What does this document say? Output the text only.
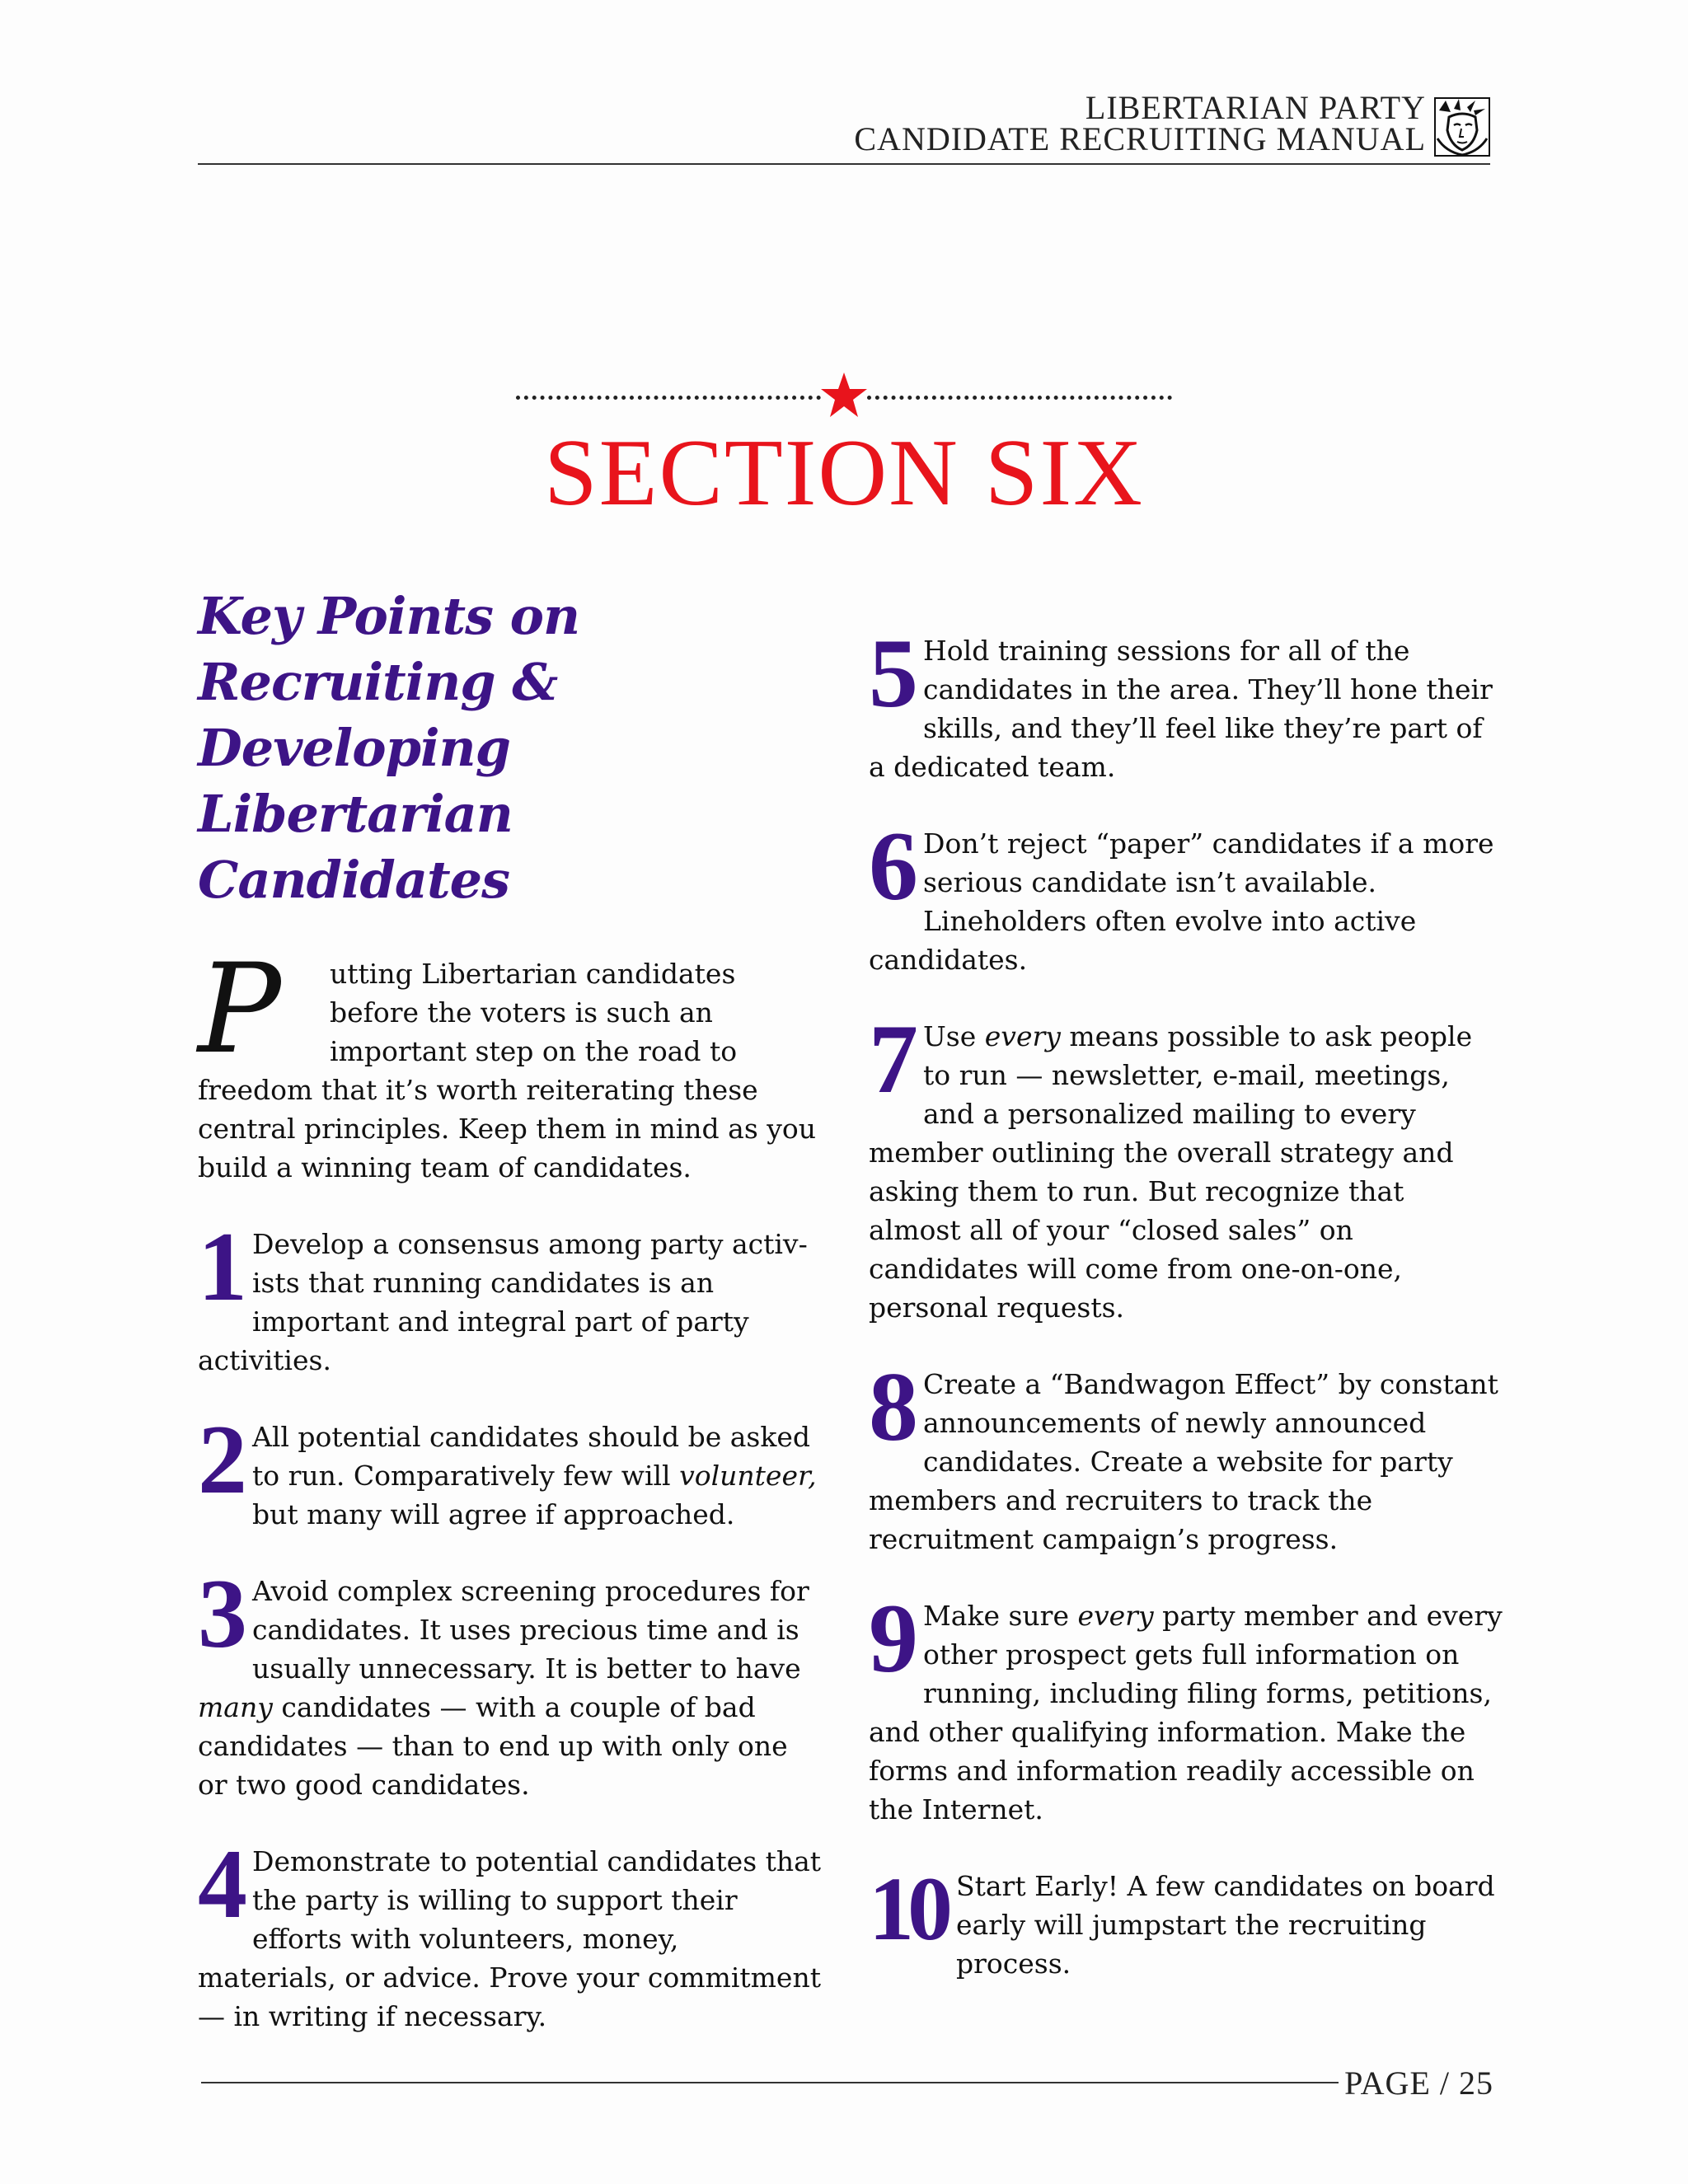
LIBERTARIAN PARTY
CANDIDATE RECRUITING MANUAL
SECTION SIX
Key Points on
Recruiting & Developing
Libertarian Candidates
P utting Libertarian candidates before the voters is such an important step on the road to freedom that it’s worth reiterating these central principles. Keep them in mind as you build a winning team of candidates.
1 Develop a consensus among party activ-ists that running candidates is an important and integral part of party activities.
2 All potential candidates should be asked to run. Comparatively few will volunteer, but many will agree if approached.
3 Avoid complex screening procedures for candidates. It uses precious time and is usually unnecessary. It is better to have many candidates — with a couple of bad candidates — than to end up with only one or two good candidates.
4 Demonstrate to potential candidates that the party is willing to support their efforts with volunteers, money, materials, or advice. Prove your commitment — in writing if necessary.
5 Hold training sessions for all of the candidates in the area. They’ll hone their skills, and they’ll feel like they’re part of a dedicated team.
6 Don’t reject “paper” candidates if a more serious candidate isn’t available. Lineholders often evolve into active candidates.
7 Use every means possible to ask people to run — newsletter, e-mail, meetings, and a personalized mailing to every member outlining the overall strategy and asking them to run. But recognize that almost all of your “closed sales” on candidates will come from one-on-one, personal requests.
8 Create a “Bandwagon Effect” by constant announcements of newly announced candidates. Create a website for party members and recruiters to track the recruitment campaign’s progress.
9 Make sure every party member and every other prospect gets full information on running, including filing forms, petitions, and other qualifying information. Make the forms and information readily accessible on the Internet.
10 Start Early! A few candidates on board early will jumpstart the recruiting process.
PAGE / 25
